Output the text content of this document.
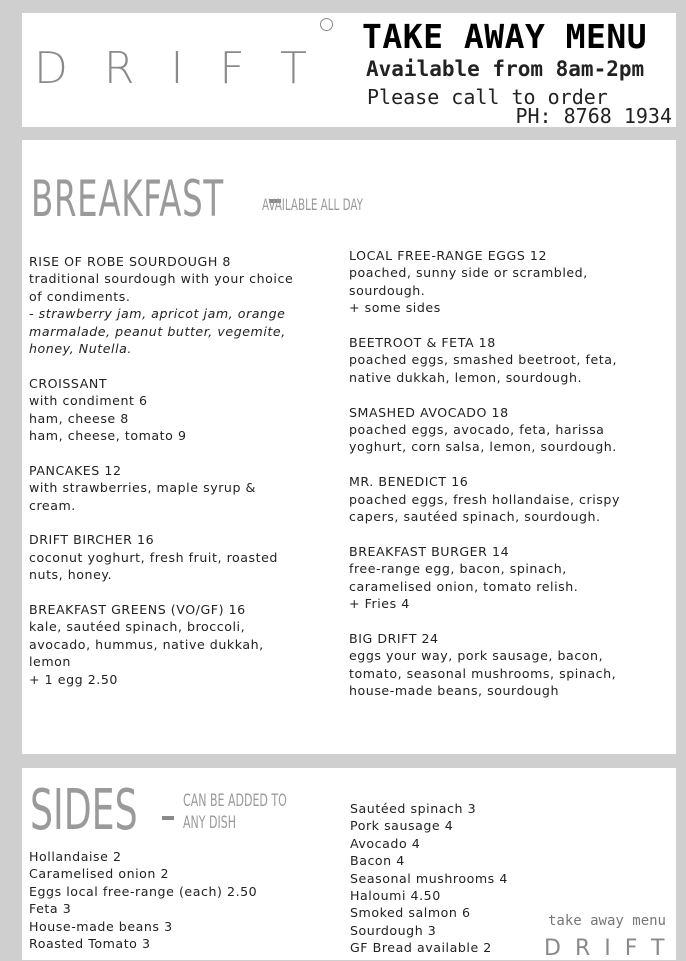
DRIFT
TAKE AWAY MENU
Available from 8am-2pm
Please call to order
PH: 8768 1934
BREAKFAST AVAILABLE ALL DAY
RISE OF ROBE SOURDOUGH 8
traditional sourdough with your choice
of condiments.
- strawberry jam, apricot jam, orange
marmalade, peanut butter, vegemite,
honey, Nutella.
CROISSANT
with condiment 6
ham, cheese 8
ham, cheese, tomato 9
PANCAKES 12
with strawberries, maple syrup &
cream.
DRIFT BIRCHER 16
coconut yoghurt, fresh fruit, roasted
nuts, honey.
BREAKFAST GREENS (VO/GF) 16
kale, sautéed spinach, broccoli,
avocado, hummus, native dukkah,
lemon
+ 1 egg 2.50
LOCAL FREE-RANGE EGGS 12
poached, sunny side or scrambled,
sourdough.
+ some sides
BEETROOT & FETA 18
poached eggs, smashed beetroot, feta,
native dukkah, lemon, sourdough.
SMASHED AVOCADO 18
poached eggs, avocado, feta, harissa
yoghurt, corn salsa, lemon, sourdough.
MR. BENEDICT 16
poached eggs, fresh hollandaise, crispy
capers, sautéed spinach, sourdough.
BREAKFAST BURGER 14
free-range egg, bacon, spinach,
caramelised onion, tomato relish.
+ Fries 4
BIG DRIFT 24
eggs your way, pork sausage, bacon,
tomato, seasonal mushrooms, spinach,
house-made beans, sourdough
SIDES	CAN BE ADDED TO
ANY DISH
Hollandaise 2
Caramelised onion 2
Eggs local free-range (each) 2.50
Feta 3
House-made beans 3
Roasted Tomato 3
Sautéed spinach 3
Pork sausage 4
Avocado 4
Bacon 4
Seasonal mushrooms 4
Haloumi 4.50
Smoked salmon 6
Sourdough 3
GF Bread available 2
take away menu
DRIFT
